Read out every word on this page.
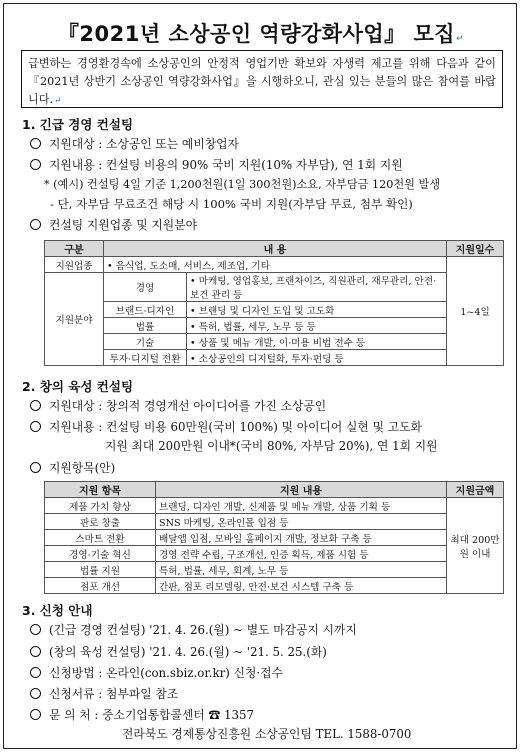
『2021년 소상공인 역량강화사업』 모집↵
급변하는 경영환경속에 소상공인의 안정적 영업기반 확보와 자생력 제고를 위해 다음과 같이 『2021년 상반기 소상공인 역량강화사업』을 시행하오니, 관심 있는 분들의 많은 참여를 바랍니다.↵
1. 긴급 경영 컨설팅
지원대상 : 소상공인 또는 예비창업자
지원내용 : 컨설팅 비용의 90% 국비 지원(10% 자부담), 연 1회 지원
* (예시) 컨설팅 4일 기준 1,200천원(1일 300천원)소요, 자부담금 120천원 발생
- 단, 자부담 무료조건 해당 시 100% 국비 지원(자부담 무료, 첨부 확인)
컨설팅 지원업종 및 지원분야
구분	내 용		지원일수
지원업종	• 음식업, 도소매, 서비스, 제조업, 기타		1~4일
지원분야	경영	• 마케팅, 영업홍보, 프랜차이즈, 직원관리, 재무관리, 안전·보건 관리 등	
	브랜드·디자인	• 브랜딩 및 디자인 도입 및 고도화	
	법률	• 특허, 법률, 세무, 노무 등 등	
	기술	• 상품 및 메뉴 개발, 이·미용 비법 전수 등	
	투자·디지털 전환	• 소상공인의 디지털화, 투자·펀딩 등	
2. 창의 육성 컨설팅
지원대상 : 창의적 경영개선 아이디어를 가진 소상공인
지원내용 : 컨설팅 비용 60만원(국비 100%) 및 아이디어 실현 및 고도화
지원 최대 200만원 이내*(국비 80%, 자부담 20%), 연 1회 지원
지원항목(안)
지원 항목	지원 내용	지원금액
제품 가치 향상	브랜딩, 디자인 개발, 신제품 및 메뉴 개발, 상품 기획 등	최대 200만원 이내
판로 창출	SNS 마케팅, 온라인몰 입점 등	
스마트 전환	배달앱 입점, 모바일 홈페이지 개발, 정보화 구축 등	
경영·기술 혁신	경영 전략 수립, 구조개선, 인증 획득, 제품 시험 등	
법률 지원	특허, 법률, 세무, 회계, 노무 등	
점포 개선	간판, 점포 리모델링, 안전·보건 시스템 구축 등	
3. 신청 안내
(긴급 경영 컨설팅) '21. 4. 26.(월) ~ 별도 마감공지 시까지
(창의 육성 컨설팅) '21. 4. 26.(월) ~ '21. 5. 25.(화)
신청방법 : 온라인(con.sbiz.or.kr) 신청·접수
신청서류 : 첨부파일 참조
문 의 처 : 중소기업통합콜센터 ☎ 1357
전라북도 경제통상진흥원 소상공인팀 TEL. 1588-0700
